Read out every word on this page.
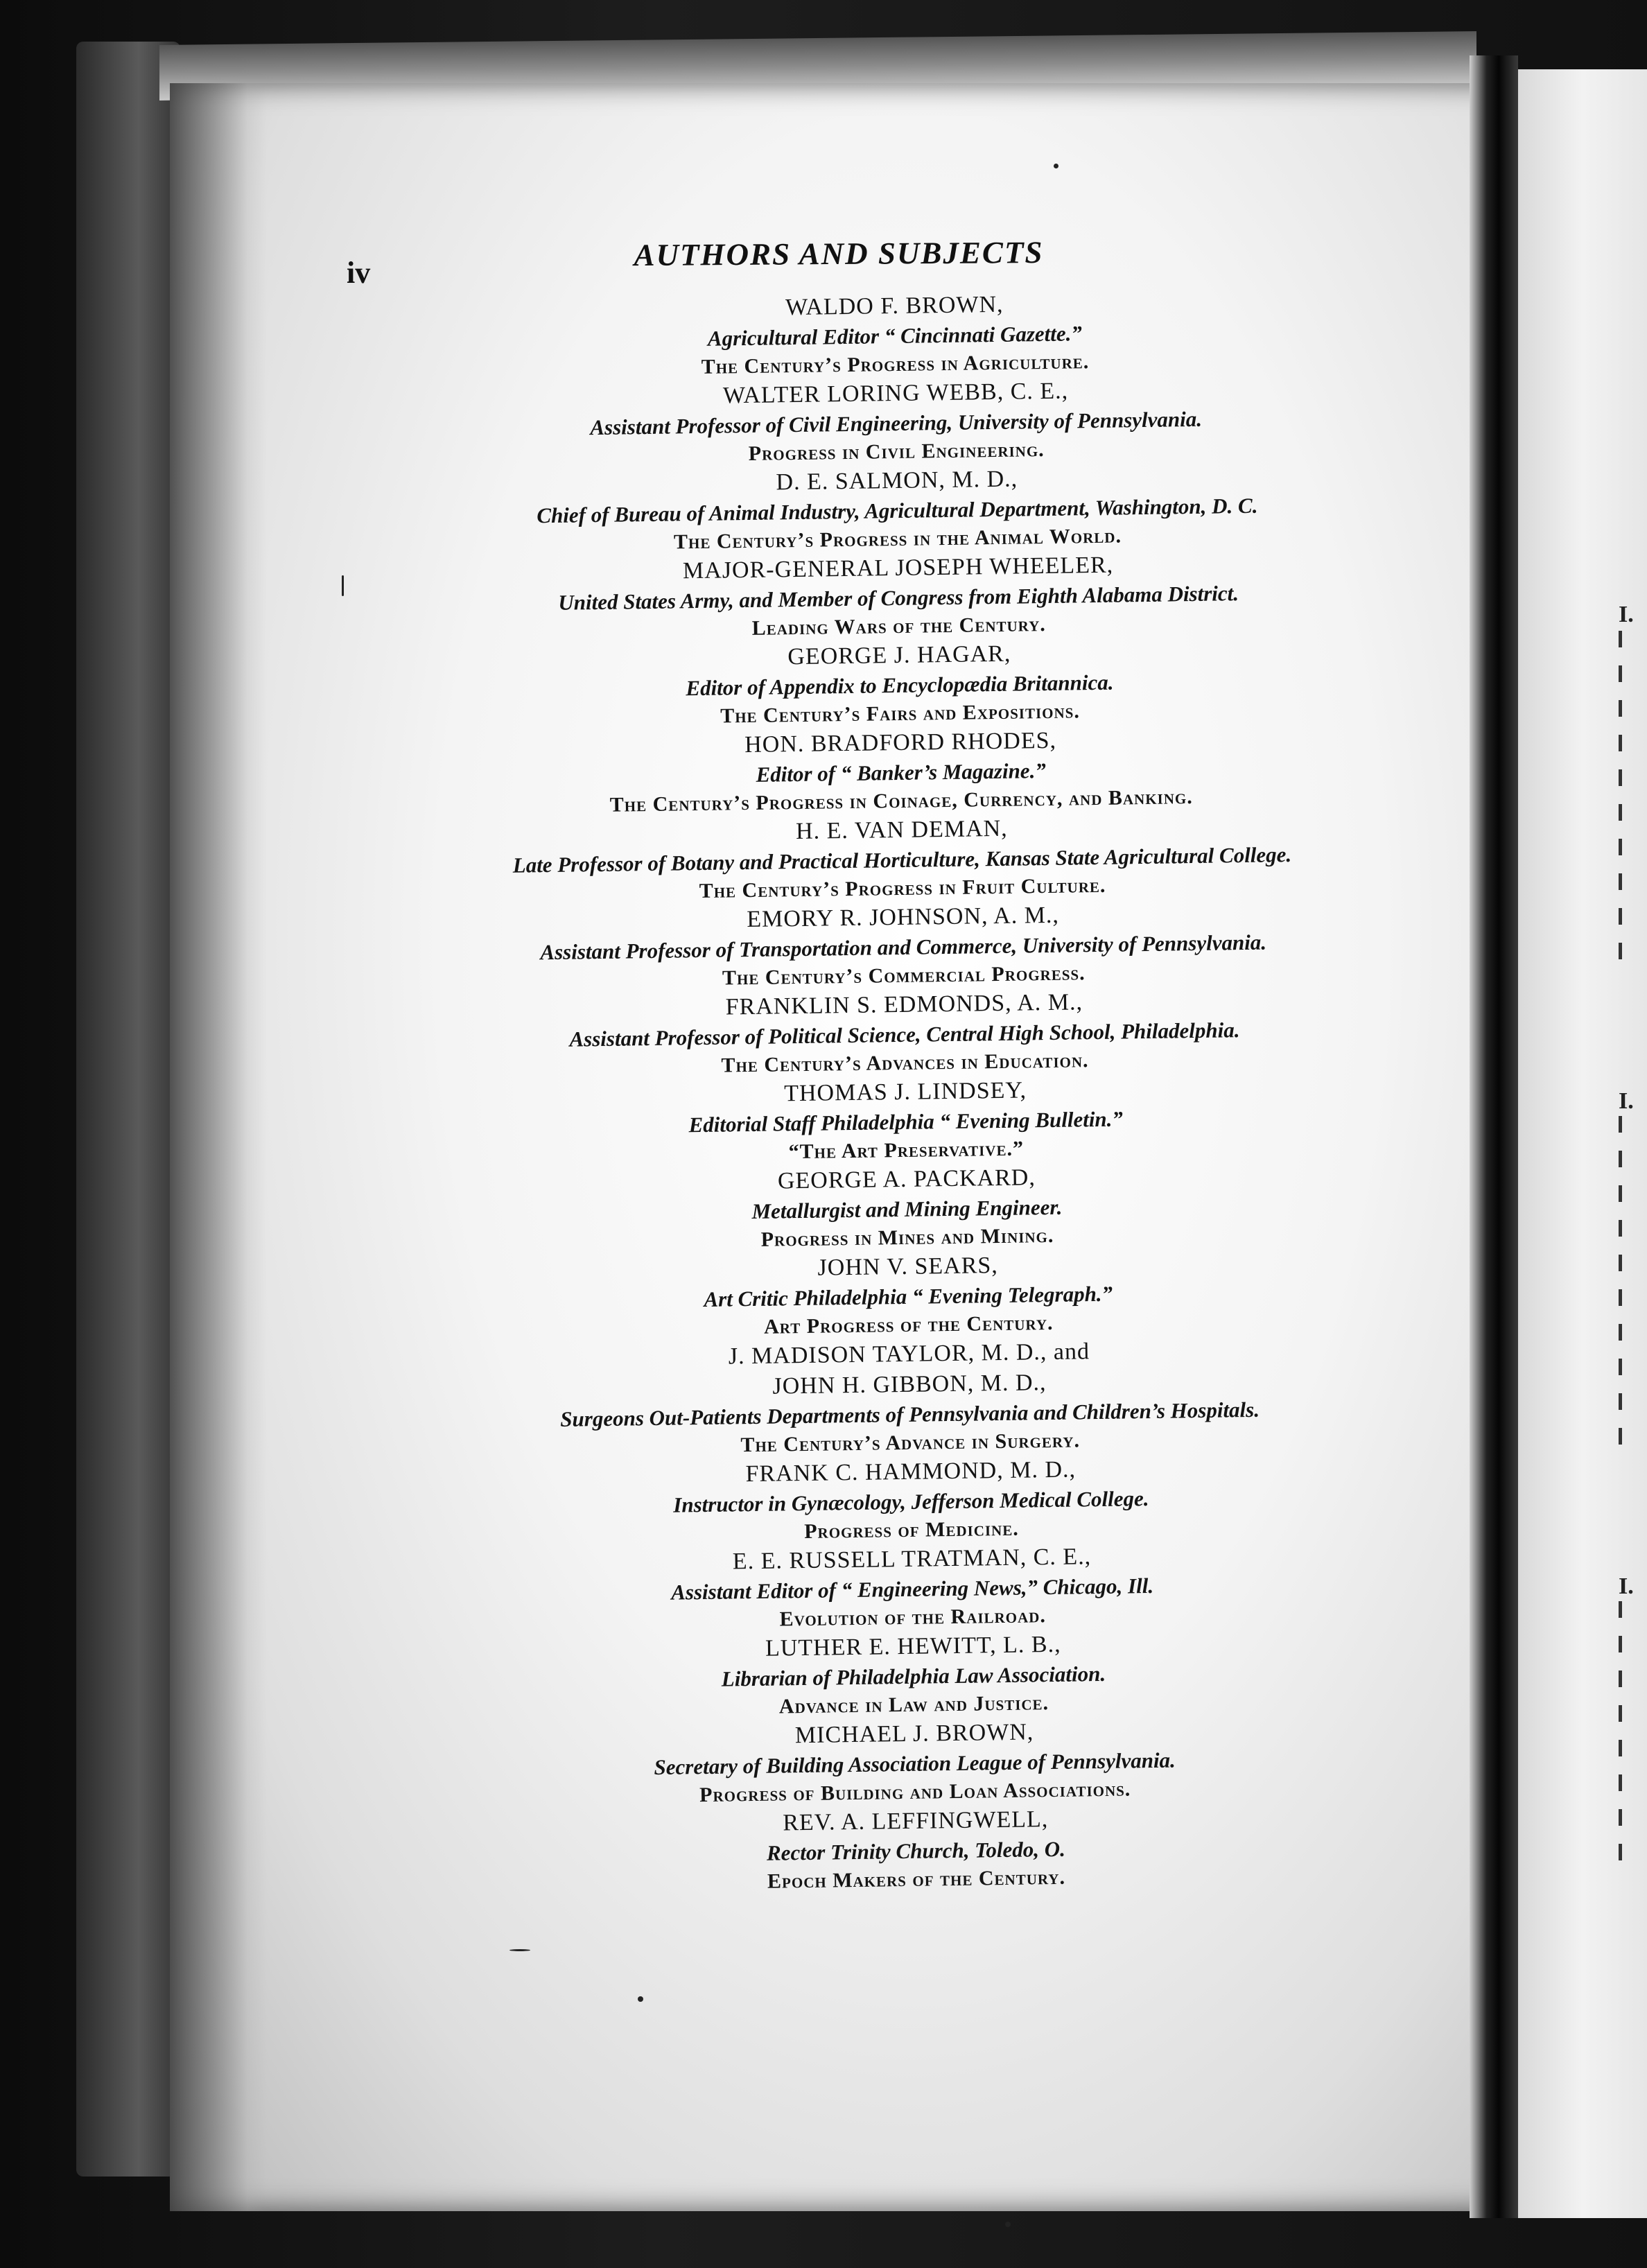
I.
I.
I.
iv
AUTHORS AND SUBJECTS
WALDO F. BROWN,
Agricultural Editor “ Cincinnati Gazette.”
The Century’s Progress in Agriculture.
WALTER LORING WEBB, C. E.,
Assistant Professor of Civil Engineering, University of Pennsylvania.
Progress in Civil Engineering.
D. E. SALMON, M. D.,
Chief of Bureau of Animal Industry, Agricultural Department, Washington, D. C.
The Century’s Progress in the Animal World.
MAJOR-GENERAL JOSEPH WHEELER,
United States Army, and Member of Congress from Eighth Alabama District.
Leading Wars of the Century.
GEORGE J. HAGAR,
Editor of Appendix to Encyclopædia Britannica.
The Century’s Fairs and Expositions.
HON. BRADFORD RHODES,
Editor of “ Banker’s Magazine.”
The Century’s Progress in Coinage, Currency, and Banking.
H. E. VAN DEMAN,
Late Professor of Botany and Practical Horticulture, Kansas State Agricultural College.
The Century’s Progress in Fruit Culture.
EMORY R. JOHNSON, A. M.,
Assistant Professor of Transportation and Commerce, University of Pennsylvania.
The Century’s Commercial Progress.
FRANKLIN S. EDMONDS, A. M.,
Assistant Professor of Political Science, Central High School, Philadelphia.
The Century’s Advances in Education.
THOMAS J. LINDSEY,
Editorial Staff Philadelphia “ Evening Bulletin.”
“The Art Preservative.”
GEORGE A. PACKARD,
Metallurgist and Mining Engineer.
Progress in Mines and Mining.
JOHN V. SEARS,
Art Critic Philadelphia “ Evening Telegraph.”
Art Progress of the Century.
J. MADISON TAYLOR, M. D., and
JOHN H. GIBBON, M. D.,
Surgeons Out-Patients Departments of Pennsylvania and Children’s Hospitals.
The Century’s Advance in Surgery.
FRANK C. HAMMOND, M. D.,
Instructor in Gynæcology, Jefferson Medical College.
Progress of Medicine.
E. E. RUSSELL TRATMAN, C. E.,
Assistant Editor of “ Engineering News,” Chicago, Ill.
Evolution of the Railroad.
LUTHER E. HEWITT, L. B.,
Librarian of Philadelphia Law Association.
Advance in Law and Justice.
MICHAEL J. BROWN,
Secretary of Building Association League of Pennsylvania.
Progress of Building and Loan Associations.
REV. A. LEFFINGWELL,
Rector Trinity Church, Toledo, O.
Epoch Makers of the Century.
